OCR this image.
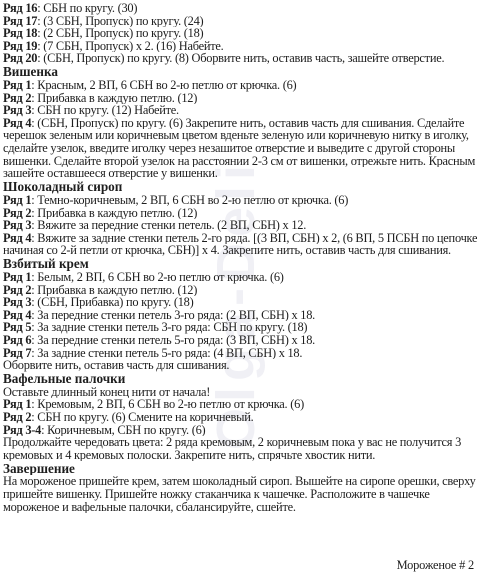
Olga-Deli
Ряд 16: СБН по кругу. (30)
Ряд 17: (3 СБН, Пропуск) по кругу. (24)
Ряд 18: (2 СБН, Пропуск) по кругу. (18)
Ряд 19: (7 СБН, Пропуск) х 2. (16) Набейте.
Ряд 20: (СБН, Пропуск) по кругу. (8) Оборвите нить, оставив часть, зашейте отверстие.
Вишенка
Ряд 1: Красным, 2 ВП, 6 СБН во 2-ю петлю от крючка. (6)
Ряд 2: Прибавка в каждую петлю. (12)
Ряд 3: СБН по кругу. (12) Набейте.
Ряд 4: (СБН, Пропуск) по кругу. (6) Закрепите нить, оставив часть для сшивания. Сделайте
черешок зеленым или коричневым цветом вденьте зеленую или коричневую нитку в иголку,
сделайте узелок, введите иголку через незашитое отверстие и выведите с другой стороны
вишенки. Сделайте второй узелок на расстоянии 2-3 см от вишенки, отрежьте нить. Красным
зашейте оставшееся отверстие у вишенки.
Шоколадный сироп
Ряд 1: Темно-коричневым, 2 ВП, 6 СБН во 2-ю петлю от крючка. (6)
Ряд 2: Прибавка в каждую петлю. (12)
Ряд 3: Вяжите за передние стенки петель. (2 ВП, СБН) х 12.
Ряд 4: Вяжите за задние стенки петель 2-го ряда. [(3 ВП, СБН) х 2, (6 ВП, 5 ПСБН по цепочке
начиная со 2-й петли от крючка, СБН)] х 4. Закрепите нить, оставив часть для сшивания.
Взбитый крем
Ряд 1: Белым, 2 ВП, 6 СБН во 2-ю петлю от крючка. (6)
Ряд 2: Прибавка в каждую петлю. (12)
Ряд 3: (СБН, Прибавка) по кругу. (18)
Ряд 4: За передние стенки петель 3-го ряда: (2 ВП, СБН) х 18.
Ряд 5: За задние стенки петель 3-го ряда: СБН по кругу. (18)
Ряд 6: За передние стенки петель 5-го ряда: (3 ВП, СБН) х 18.
Ряд 7: За задние стенки петель 5-го ряда: (4 ВП, СБН) х 18.
Оборвите нить, оставив часть для сшивания.
Вафельные палочки
Оставьте длинный конец нити от начала!
Ряд 1: Кремовым, 2 ВП, 6 СБН во 2-ю петлю от крючка. (6)
Ряд 2: СБН по кругу. (6) Смените на коричневый.
Ряд 3-4: Коричневым, СБН по кругу. (6)
Продолжайте чередовать цвета: 2 ряда кремовым, 2 коричневым пока у вас не получится 3
кремовых и 4 кремовых полоски. Закрепите нить, спрячьте хвостик нити.
Завершение
На мороженое пришейте крем, затем шоколадный сироп. Вышейте на сиропе орешки, сверху
пришейте вишенку. Пришейте ножку стаканчика к чашечке. Расположите в чашечке
мороженое и вафельные палочки, сбалансируйте, сшейте.
Мороженое # 2
